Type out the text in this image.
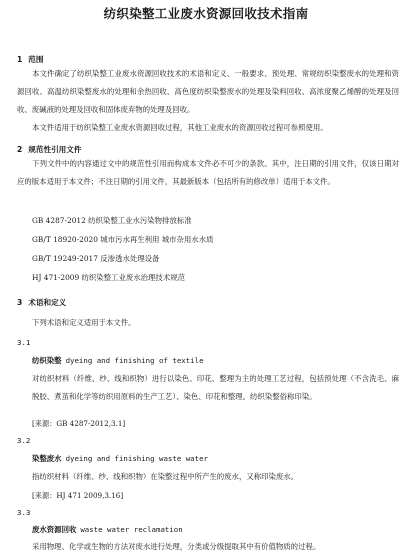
纺织染整工业废水资源回收技术指南
1 范围
本文件确定了纺织染整工业废水资源回收技术的术语和定义、一般要求、预处理、常规纺织染整废水的处理和资源回收、高温纺织染整废水的处理和余热回收、高色度纺织染整废水的处理及染料回收、高浓度聚乙烯醇的处理及回收、废碱液的处理及回收和固体废弃物的处理及回收。
本文件适用于纺织染整工业废水资源回收过程，其他工业废水的资源回收过程可参照使用。
2 规范性引用文件
下列文件中的内容通过文中的规范性引用而构成本文件必不可少的条款。其中，注日期的引用文件，仅该日期对应的版本适用于本文件；不注日期的引用文件，其最新版本（包括所有的修改单）适用于本文件。
GB 4287-2012 纺织染整工业水污染物排放标准
GB/T 18920-2020 城市污水再生利用 城市杂用水水质
GB/T 19249-2017 反渗透水处理设备
HJ 471-2009 纺织染整工业废水治理技术规范
3 术语和定义
下列术语和定义适用于本文件。
3.1
纺织染整 dyeing and finishing of textile
对纺织材料（纤维、纱、线和织物）进行以染色、印花、整理为主的处理工艺过程，包括预处理（不含洗毛、麻脱胶、煮茧和化学等纺织用原料的生产工艺）、染色、印花和整理。纺织染整俗称印染。
[来源：GB 4287-2012,3.1]
3.2
染整废水 dyeing and finishing waste water
指纺织材料（纤维、纱、线和织物）在染整过程中所产生的废水，又称印染废水。
[来源：HJ 471 2009,3.16]
3.3
废水资源回收 waste water reclamation
采用物理、化学或生物的方法对废水进行处理，分类或分级提取其中有价值物质的过程。
